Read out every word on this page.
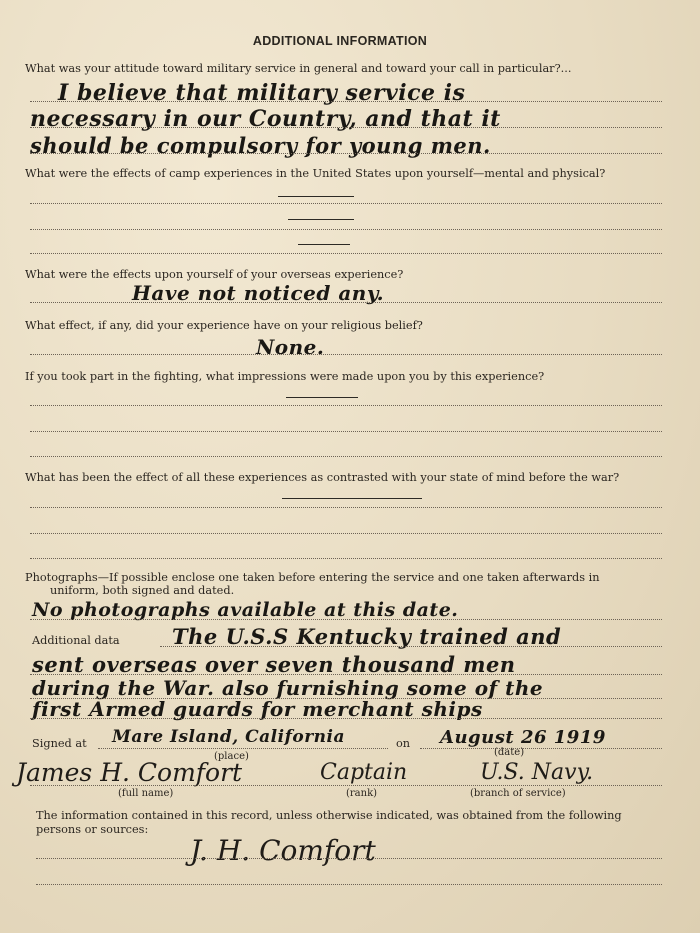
ADDITIONAL INFORMATION
What was your attitude toward military service in general and toward your call in particular?...
I believe that military service is
necessary in our Country, and that it
should be compulsory for young men.
What were the effects of camp experiences in the United States upon yourself—mental and physical?
What were the effects upon yourself of your overseas experience?
Have not noticed any.
What effect, if any, did your experience have on your religious belief?
None.
If you took part in the fighting, what impressions were made upon you by this experience?
What has been the effect of all these experiences as contrasted with your state of mind before the war?
Photographs—If possible enclose one taken before entering the service and one taken afterwards in
uniform, both signed and dated.
No photographs available at this date.
Additional data The U.S.S Kentucky trained and
sent overseas over seven thousand men
during the War. also furnishing some of the
first Armed guards for merchant ships
Signed at Mare Island, California	on August 26 1919
(place)	(date)
James H. Comfort	Captain	U.S. Navy.
(full name)	(rank)	(branch of service)
The information contained in this record, unless otherwise indicated, was obtained from the following
persons or sources:
J. H. Comfort
